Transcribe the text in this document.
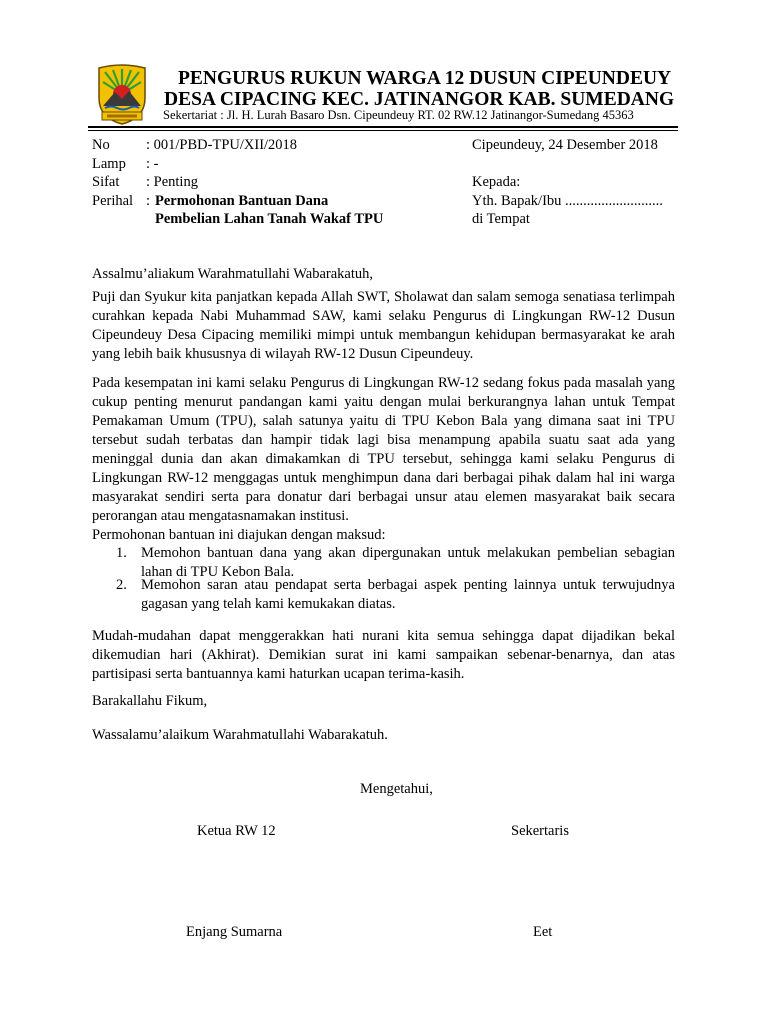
PENGURUS RUKUN WARGA 12 DUSUN CIPEUNDEUY
DESA CIPACING KEC. JATINANGOR KAB. SUMEDANG
Sekertariat : Jl. H. Lurah Basaro Dsn. Cipeundeuy RT. 02 RW.12 Jatinangor-Sumedang 45363
No	: 001/PBD-TPU/XII/2018	Cipeundeuy, 24 Desember 2018
Lamp : -
Sifat : Penting	Kepada:
Perihal : Permohonan Bantuan Dana	Yth. Bapak/Ibu ...........................
Pembelian Lahan Tanah Wakaf TPU	di Tempat
Assalmu’aliakum Warahmatullahi Wabarakatuh,
Puji dan Syukur kita panjatkan kepada Allah SWT, Sholawat dan salam semoga senatiasa terlimpah curahkan kepada Nabi Muhammad SAW, kami selaku Pengurus di Lingkungan RW-12 Dusun Cipeundeuy Desa Cipacing memiliki mimpi untuk membangun kehidupan bermasyarakat ke arah yang lebih baik khususnya di wilayah RW-12 Dusun Cipeundeuy.
Pada kesempatan ini kami selaku Pengurus di Lingkungan RW-12 sedang fokus pada masalah yang cukup penting menurut pandangan kami yaitu dengan mulai berkurangnya lahan untuk Tempat Pemakaman Umum (TPU), salah satunya yaitu di TPU Kebon Bala yang dimana saat ini TPU tersebut sudah terbatas dan hampir tidak lagi bisa menampung apabila suatu saat ada yang meninggal dunia dan akan dimakamkan di TPU tersebut, sehingga kami selaku Pengurus di Lingkungan RW-12 menggagas untuk menghimpun dana dari berbagai pihak dalam hal ini warga masyarakat sendiri serta para donatur dari berbagai unsur atau elemen masyarakat baik secara perorangan atau mengatasnamakan institusi.
Permohonan bantuan ini diajukan dengan maksud:
1. Memohon bantuan dana yang akan dipergunakan untuk melakukan pembelian sebagian lahan di TPU Kebon Bala.
2. Memohon saran atau pendapat serta berbagai aspek penting lainnya untuk terwujudnya gagasan yang telah kami kemukakan diatas.
Mudah-mudahan dapat menggerakkan hati nurani kita semua sehingga dapat dijadikan bekal dikemudian hari (Akhirat). Demikian surat ini kami sampaikan sebenar-benarnya, dan atas partisipasi serta bantuannya kami haturkan ucapan terima-kasih.
Barakallahu Fikum,
Wassalamu’alaikum Warahmatullahi Wabarakatuh.
Mengetahui,
Ketua RW 12	Sekertaris
Enjang Sumarna	Eet
